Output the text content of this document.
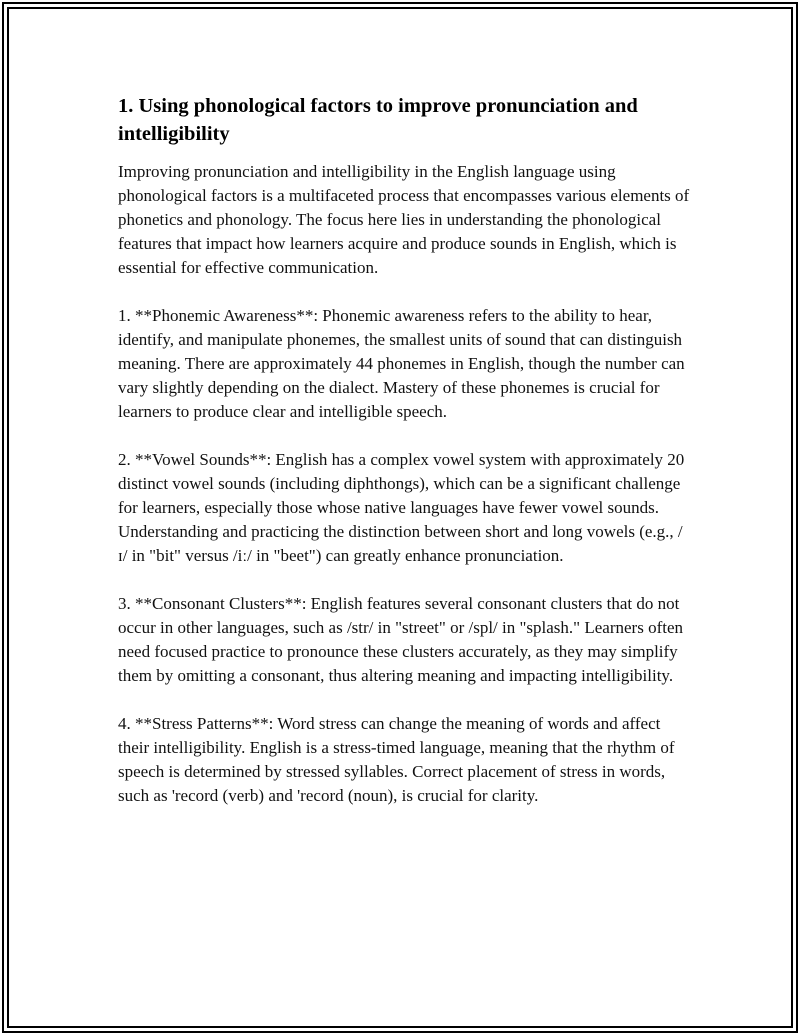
1. Using phonological factors to improve pronunciation and intelligibility

Improving pronunciation and intelligibility in the English language using phonological factors is a multifaceted process that encompasses various elements of phonetics and phonology. The focus here lies in understanding the phonological features that impact how learners acquire and produce sounds in English, which is essential for effective communication.

1. **Phonemic Awareness**: Phonemic awareness refers to the ability to hear, identify, and manipulate phonemes, the smallest units of sound that can distinguish meaning. There are approximately 44 phonemes in English, though the number can vary slightly depending on the dialect. Mastery of these phonemes is crucial for learners to produce clear and intelligible speech.

2. **Vowel Sounds**: English has a complex vowel system with approximately 20 distinct vowel sounds (including diphthongs), which can be a significant challenge for learners, especially those whose native languages have fewer vowel sounds. Understanding and practicing the distinction between short and long vowels (e.g., /ɪ/ in "bit" versus /iː/ in "beet") can greatly enhance pronunciation.

3. **Consonant Clusters**: English features several consonant clusters that do not occur in other languages, such as /str/ in "street" or /spl/ in "splash." Learners often need focused practice to pronounce these clusters accurately, as they may simplify them by omitting a consonant, thus altering meaning and impacting intelligibility.

4. **Stress Patterns**: Word stress can change the meaning of words and affect their intelligibility. English is a stress-timed language, meaning that the rhythm of speech is determined by stressed syllables. Correct placement of stress in words, such as 'record (verb) and 'record (noun), is crucial for clarity.
